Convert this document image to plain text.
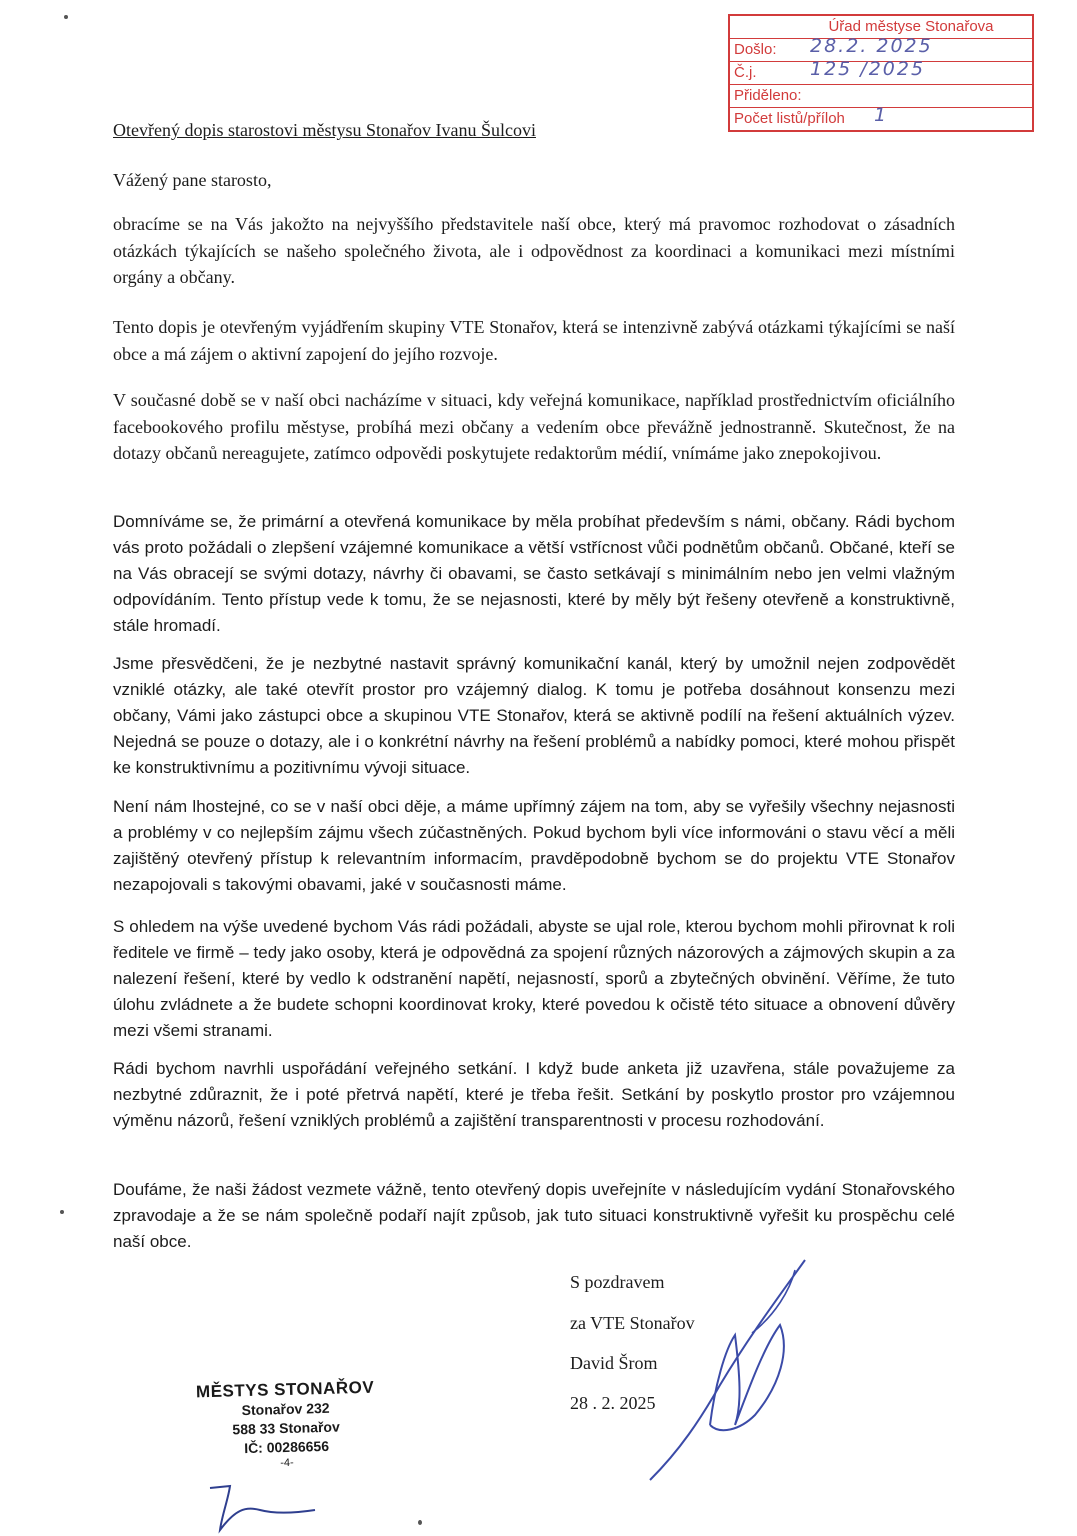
Úřad městyse Stonařova
Došlo: 28.2. 2025
Č.j.	125 /2025
Přiděleno:
Počet listů/příloh 1
Otevřený dopis starostovi městysu Stonařov Ivanu Šulcovi
Vážený pane starosto,
obracíme se na Vás jakožto na nejvyššího představitele naší obce, který má pravomoc rozhodovat o zásadních otázkách týkajících se našeho společného života, ale i odpovědnost za koordinaci a komunikaci mezi místními orgány a občany.
Tento dopis je otevřeným vyjádřením skupiny VTE Stonařov, která se intenzivně zabývá otázkami týkajícími se naší obce a má zájem o aktivní zapojení do jejího rozvoje.
V současné době se v naší obci nacházíme v situaci, kdy veřejná komunikace, například prostřednictvím oficiálního facebookového profilu městyse, probíhá mezi občany a vedením obce převážně jednostranně. Skutečnost, že na dotazy občanů nereagujete, zatímco odpovědi poskytujete redaktorům médií, vnímáme jako znepokojivou.
Domníváme se, že primární a otevřená komunikace by měla probíhat především s námi, občany. Rádi bychom vás proto požádali o zlepšení vzájemné komunikace a větší vstřícnost vůči podnětům občanů. Občané, kteří se na Vás obracejí se svými dotazy, návrhy či obavami, se často setkávají s minimálním nebo jen velmi vlažným odpovídáním. Tento přístup vede k tomu, že se nejasnosti, které by měly být řešeny otevřeně a konstruktivně, stále hromadí.
Jsme přesvědčeni, že je nezbytné nastavit správný komunikační kanál, který by umožnil nejen zodpovědět vzniklé otázky, ale také otevřít prostor pro vzájemný dialog. K tomu je potřeba dosáhnout konsenzu mezi občany, Vámi jako zástupci obce a skupinou VTE Stonařov, která se aktivně podílí na řešení aktuálních výzev. Nejedná se pouze o dotazy, ale i o konkrétní návrhy na řešení problémů a nabídky pomoci, které mohou přispět ke konstruktivnímu a pozitivnímu vývoji situace.
Není nám lhostejné, co se v naší obci děje, a máme upřímný zájem na tom, aby se vyřešily všechny nejasnosti a problémy v co nejlepším zájmu všech zúčastněných. Pokud bychom byli více informováni o stavu věcí a měli zajištěný otevřený přístup k relevantním informacím, pravděpodobně bychom se do projektu VTE Stonařov nezapojovali s takovými obavami, jaké v současnosti máme.
S ohledem na výše uvedené bychom Vás rádi požádali, abyste se ujal role, kterou bychom mohli přirovnat k roli ředitele ve firmě – tedy jako osoby, která je odpovědná za spojení různých názorových a zájmových skupin a za nalezení řešení, které by vedlo k odstranění napětí, nejasností, sporů a zbytečných obvinění. Věříme, že tuto úlohu zvládnete a že budete schopni koordinovat kroky, které povedou k očistě této situace a obnovení důvěry mezi všemi stranami.
Rádi bychom navrhli uspořádání veřejného setkání. I když bude anketa již uzavřena, stále považujeme za nezbytné zdůraznit, že i poté přetrvá napětí, které je třeba řešit. Setkání by poskytlo prostor pro vzájemnou výměnu názorů, řešení vzniklých problémů a zajištění transparentnosti v procesu rozhodování.
Doufáme, že naši žádost vezmete vážně, tento otevřený dopis uveřejníte v následujícím vydání Stonařovského zpravodaje a že se nám společně podaří najít způsob, jak tuto situaci konstruktivně vyřešit ku prospěchu celé naší obce.
S pozdravem
za VTE Stonařov
David Šrom
28 . 2. 2025
MĚSTYS STONAŘOV
Stonařov 232
588 33 Stonařov
IČ: 00286656
-4-
